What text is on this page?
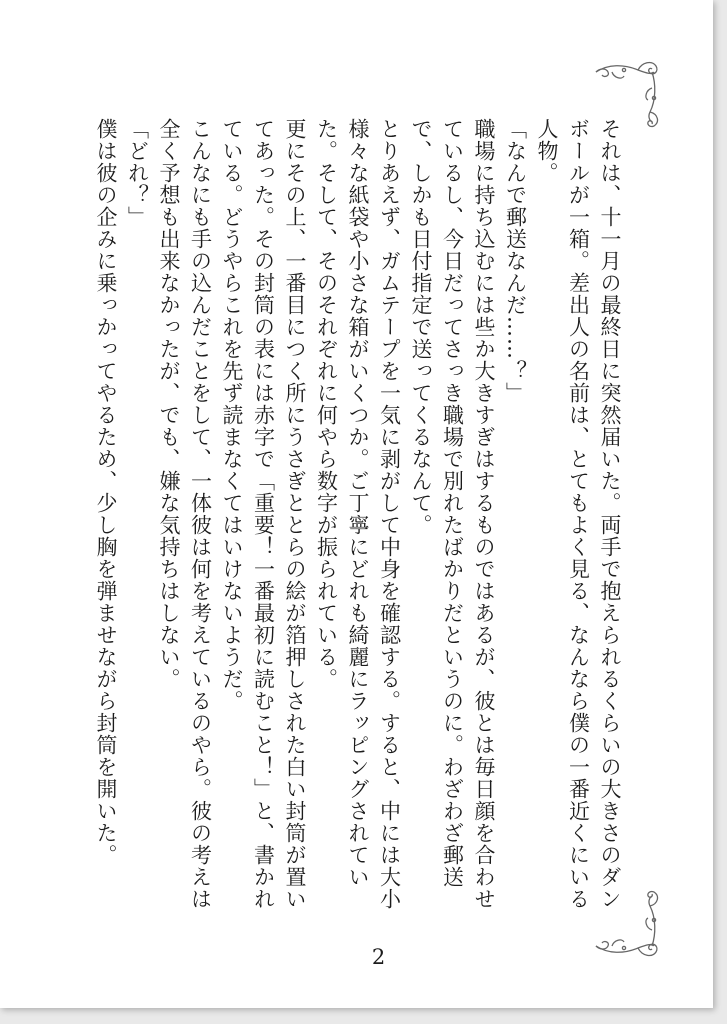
それは、十一月の最終日に突然届いた。両手で抱えられるくらいの大きさのダンボールが一箱。差出人の名前は、とてもよく見る、なんなら僕の一番近くにいる人物。

「なんで郵送なんだ……？」

職場に持ち込むには些か大きすぎはするものではあるが、彼とは毎日顔を合わせているし、今日だってさっき職場で別れたばかりだというのに。わざわざ郵送で、しかも日付指定で送ってくるなんて。

とりあえず、ガムテープを一気に剥がして中身を確認する。すると、中には大小様々な紙袋や小さな箱がいくつか。ご丁寧にどれも綺麗にラッピングされていた。そして、そのそれぞれに何やら数字が振られている。

更にその上、一番目につく所にうさぎととらの絵が箔押しされた白い封筒が置いてあった。その封筒の表には赤字で「重要！一番最初に読むこと！」と、書かれている。どうやらこれを先ず読まなくてはいけないようだ。

こんなにも手の込んだことをして、一体彼は何を考えているのやら。彼の考えは全く予想も出来なかったが、でも、嫌な気持ちはしない。

「どれ？」

僕は彼の企みに乗っかってやるため、少し胸を弾ませながら封筒を開いた。

2
